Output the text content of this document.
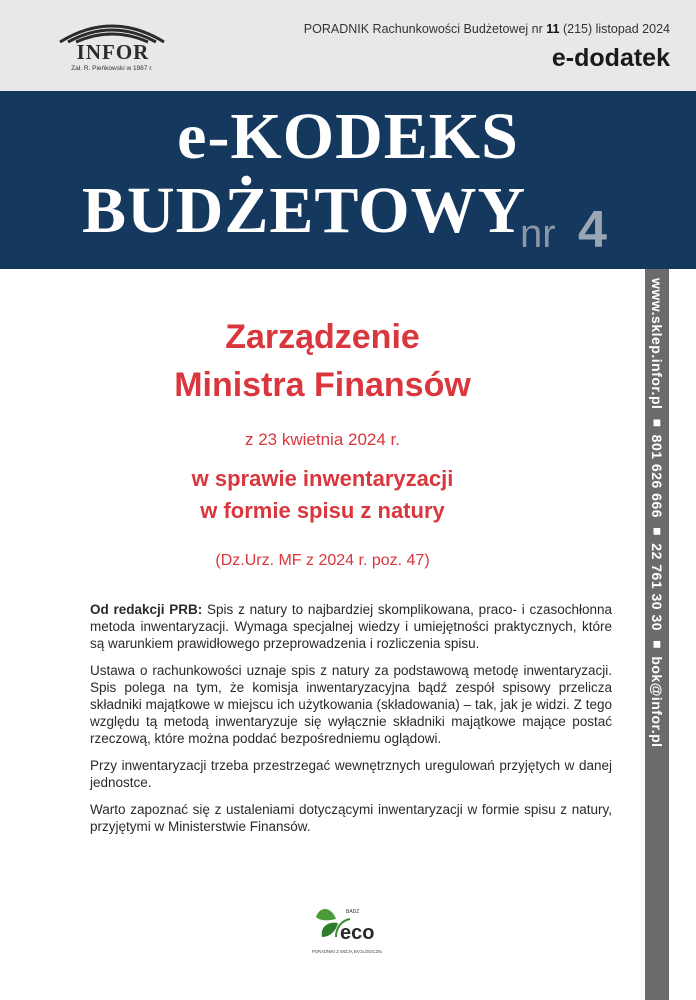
INFOR
Zał. R. Pieńkowski w 1987 r.
PORADNIK Rachunkowości Budżetowej nr 11 (215) listopad 2024
e-dodatek
e-KODEKS
BUDŻETOWY
nr 4
www.sklep.infor.pl ■ 801 626 666 ■ 22 761 30 30 ■ bok@infor.pl
Zarządzenie
Ministra Finansów
z 23 kwietnia 2024 r.
w sprawie inwentaryzacji
w formie spisu z natury
(Dz.Urz. MF z 2024 r. poz. 47)

Od redakcji PRB: Spis z natury to najbardziej skomplikowana, praco- i czasochłonna metoda inwentaryzacji. Wymaga specjalnej wiedzy i umiejętności praktycznych, które są warunkiem prawidłowego przeprowadzenia i rozliczenia spisu.

Ustawa o rachunkowości uznaje spis z natury za podstawową metodę inwentaryzacji. Spis polega na tym, że komisja inwentaryzacyjna bądź zespół spisowy przelicza składniki majątkowe w miejscu ich użytkowania (składowania) – tak, jak je widzi. Z tego względu tą metodą inwentaryzuje się wyłącznie składniki majątkowe mające postać rzeczową, które można poddać bezpośredniemu oglądowi.

Przy inwentaryzacji trzeba przestrzegać wewnętrznych uregulowań przyjętych w danej jednostce.

Warto zapoznać się z ustaleniami dotyczącymi inwentaryzacji w formie spisu z natury, przyjętymi w Ministerstwie Finansów.

BADŹ
eco
PORADNIKI Z WIZJĄ EKOLOGICZNĄ
